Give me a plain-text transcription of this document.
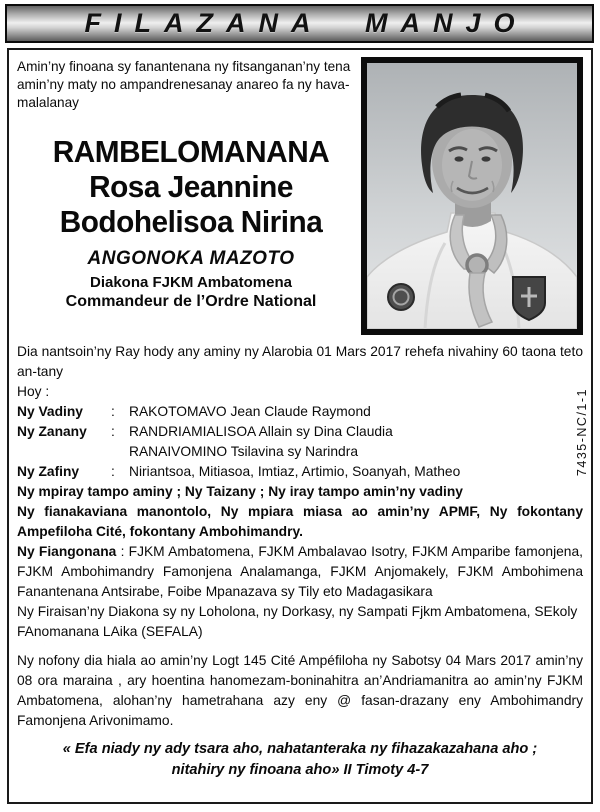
FILAZANA MANJO
Amin’ny finoana sy fanantenana ny fitsanganan’ny tena amin’ny maty no ampandrenesanay anareo fa ny hava-malalanay
RAMBELOMANANA
Rosa Jeannine
Bodohelisoa Nirina
ANGONOKA MAZOTO
Diakona FJKM Ambatomena
Commandeur de l’Ordre National
Dia nantsoin’ny Ray hody any aminy ny Alarobia 01 Mars 2017 rehefa nivahiny 60 taona teto an-tany
Hoy :
Ny Vadiny	:	RAKOTOMAVO Jean Claude Raymond
Ny Zanany	:	RANDRIAMIALISOA Allain sy Dina Claudia
RANAIVOMINO Tsilavina sy Narindra
Ny Zafiny	:	Niriantsoa, Mitiasoa, Imtiaz, Artimio, Soanyah, Matheo
Ny mpiray tampo aminy ; Ny Taizany ; Ny iray tampo amin’ny vadiny
Ny fianakaviana manontolo, Ny mpiara miasa ao amin’ny APMF, Ny fokontany Ampefiloha Cité, fokontany Ambohimandry.
Ny Fiangonana : FJKM Ambatomena, FJKM Ambalavao Isotry, FJKM Amparibe famonjena, FJKM Ambohimandry Famonjena Analamanga, FJKM Anjomakely, FJKM Ambohimena Fanantenana Antsirabe, Foibe Mpanazava sy Tily eto Madagasikara
Ny Firaisan’ny Diakona sy ny Loholona, ny Dorkasy, ny Sampati Fjkm Ambatomena, SEkoly FAnomanana LAika (SEFALA)
Ny nofony dia hiala ao amin’ny Logt 145 Cité Ampéfiloha ny Sabotsy 04 Mars 2017 amin’ny 08 ora maraina , ary hoentina hanomezam-boninahitra an’Andriamanitra ao amin’ny FJKM Ambatomena, alohan’ny hametrahana azy eny @ fasan-drazany eny Ambohimandry Famonjena Arivonimamo.
« Efa niady ny ady tsara aho, nahatanteraka ny fihazakazahana aho ;
nitahiry ny finoana aho» II Timoty 4-7
7435-NC/1-1
